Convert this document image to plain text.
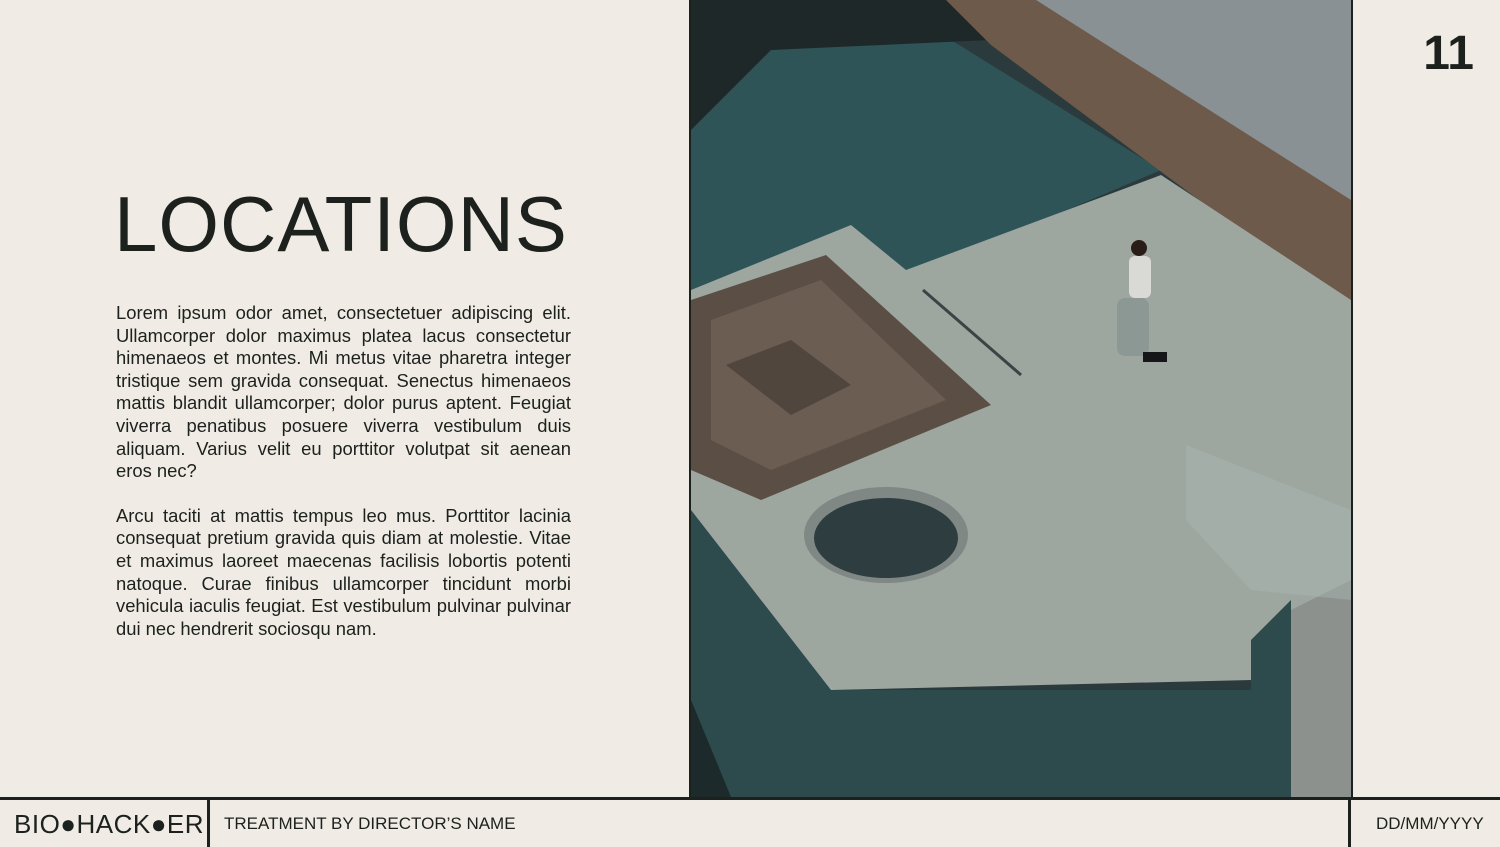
LOCATIONS

Lorem ipsum odor amet, consectetuer adipiscing elit. Ullamcorper dolor maximus platea lacus consectetur himenaeos et montes. Mi metus vitae pharetra integer tristique sem gravida consequat. Senectus himenaeos mattis blandit ullamcorper; dolor purus aptent. Feugiat viverra penatibus posuere viverra vestibulum duis aliquam. Varius velit eu porttitor volutpat sit aenean eros nec?

Arcu taciti at mattis tempus leo mus. Porttitor lacinia consequat pretium gravida quis diam at molestie. Vitae et maximus laoreet maecenas facilisis lobortis potenti natoque. Curae finibus ullamcorper tincidunt morbi vehicula iaculis feugiat. Est vestibulum pulvinar pulvinar dui nec hendrerit sociosqu nam.

11
BIO●HACK●ER TREATMENT BY DIRECTOR’S NAME	DD/MM/YYYY
